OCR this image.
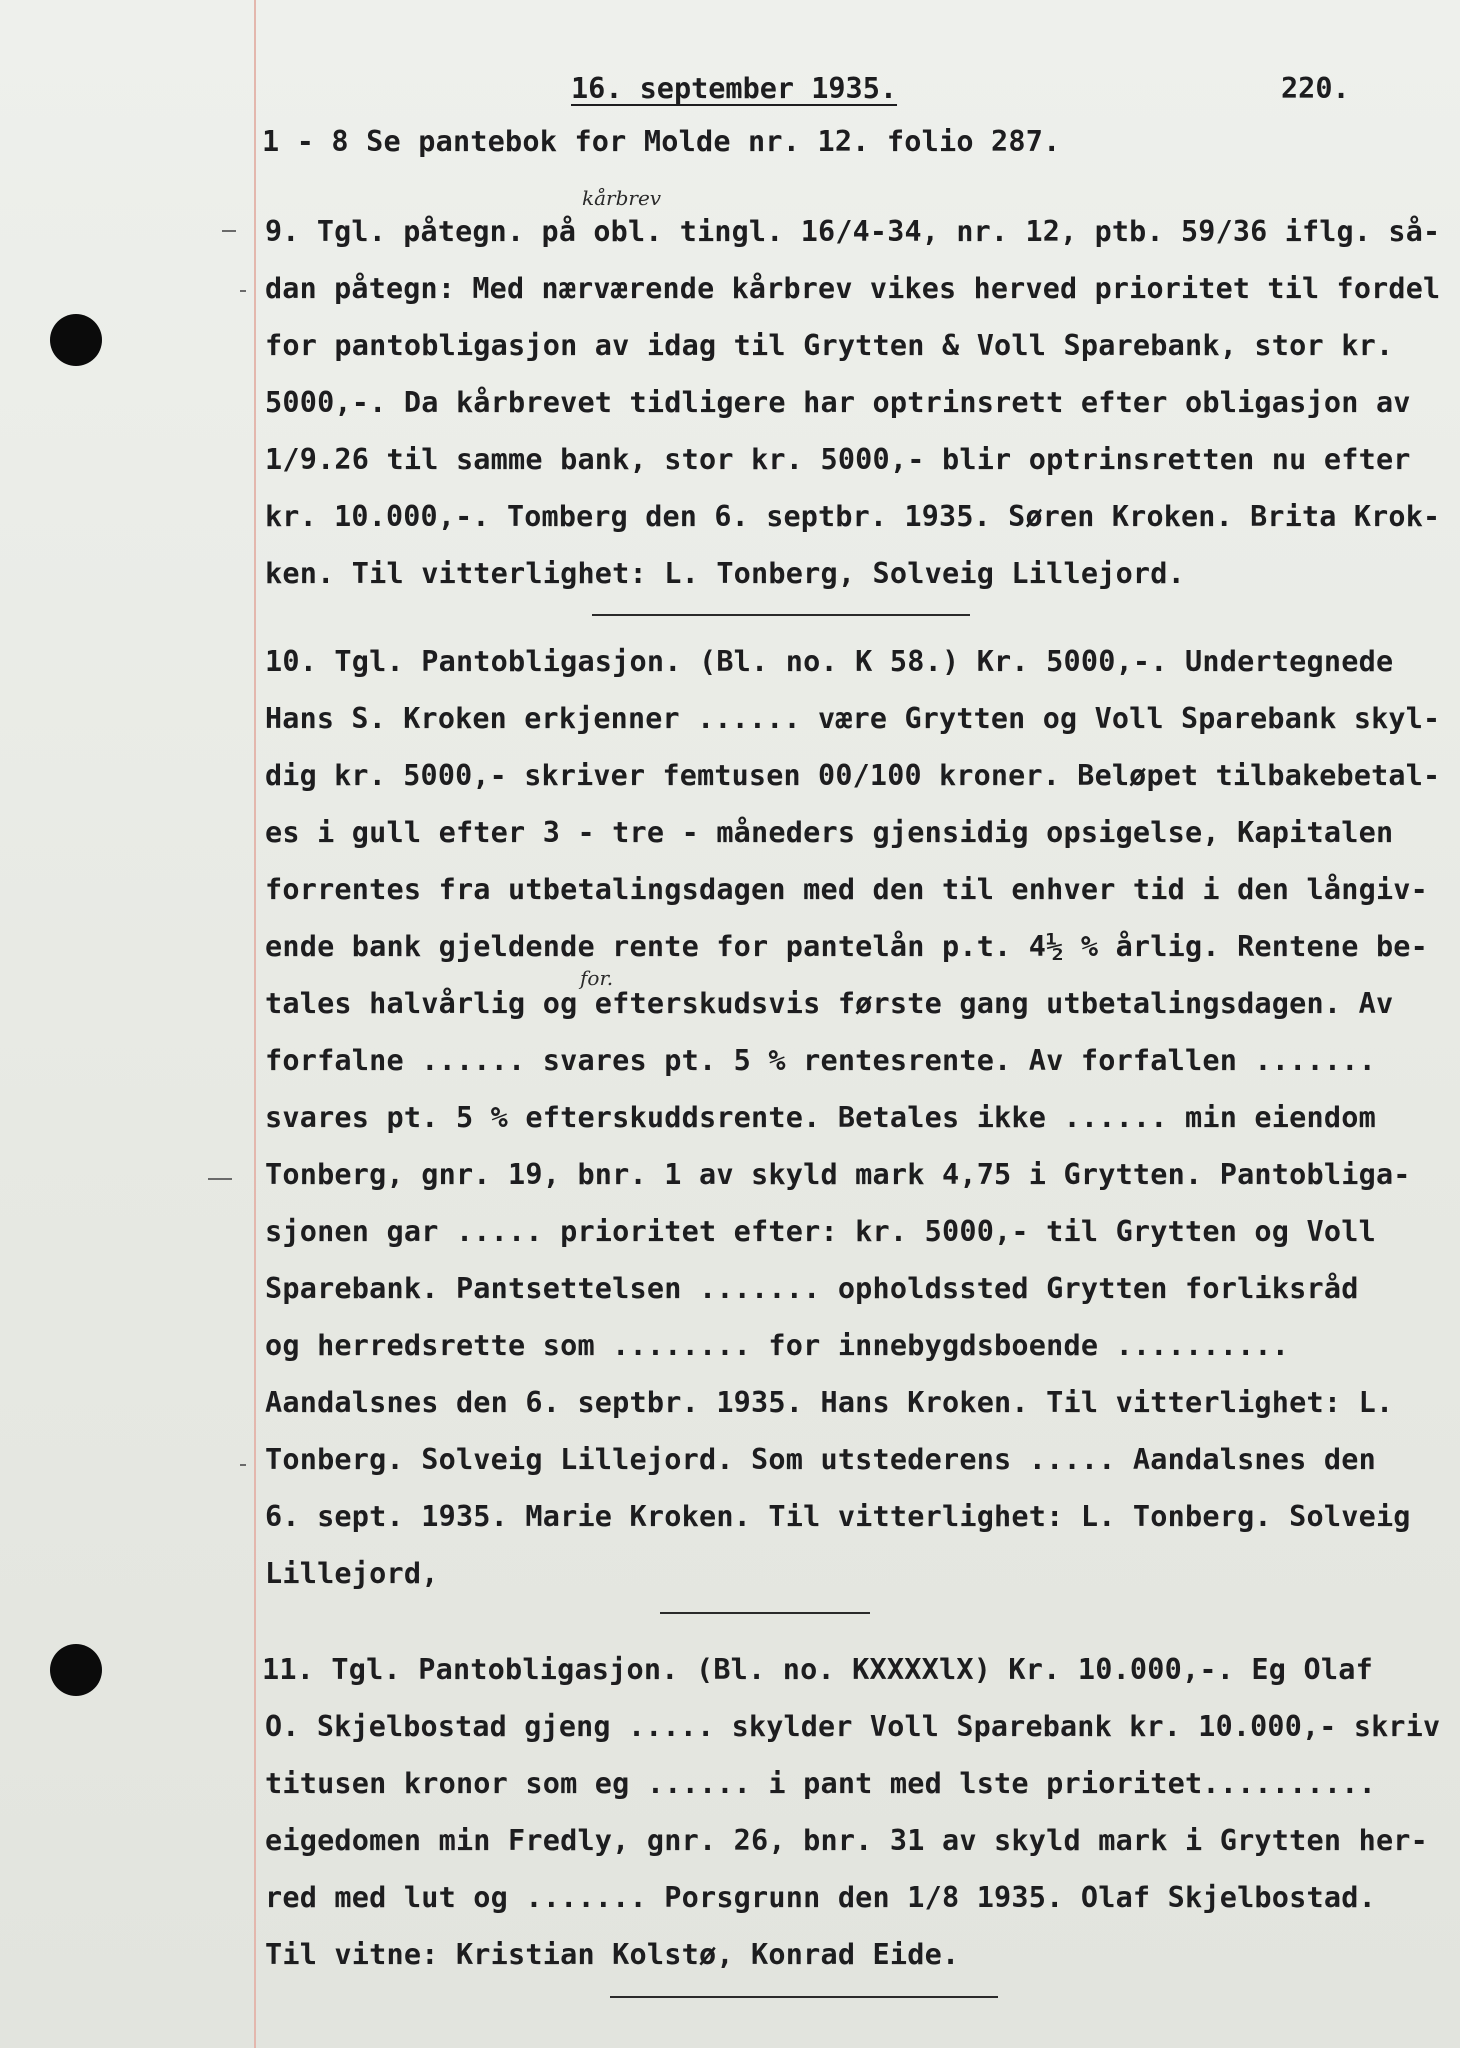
16. september 1935.	220.
1 - 8 Se pantebok for Molde nr. 12. folio 287.
kårbrev
9. Tgl. påtegn. på obl. tingl. 16/4-34, nr. 12, ptb. 59/36 iflg. så-
dan påtegn: Med nærværende kårbrev vikes herved prioritet til fordel
for pantobligasjon av idag til Grytten & Voll Sparebank, stor kr.
5000,-. Da kårbrevet tidligere har optrinsrett efter obligasjon av
1/9.26 til samme bank, stor kr. 5000,- blir optrinsretten nu efter
kr. 10.000,-. Tomberg den 6. septbr. 1935. Søren Kroken. Brita Krok-
ken. Til vitterlighet: L. Tonberg, Solveig Lillejord.
10. Tgl. Pantobligasjon. (Bl. no. K 58.) Kr. 5000,-. Undertegnede
Hans S. Kroken erkjenner ...... være Grytten og Voll Sparebank skyl-
dig kr. 5000,- skriver femtusen 00/100 kroner. Beløpet tilbakebetal-
es i gull efter 3 - tre - måneders gjensidig opsigelse, Kapitalen
forrentes fra utbetalingsdagen med den til enhver tid i den långiv-
ende bank gjeldende rente for pantelån p.t. 4½ % årlig. Rentene be-
for.
tales halvårlig og efterskudsvis første gang utbetalingsdagen. Av
forfalne ...... svares pt. 5 % rentesrente. Av forfallen .......
svares pt. 5 % efterskuddsrente. Betales ikke ...... min eiendom
Tonberg, gnr. 19, bnr. 1 av skyld mark 4,75 i Grytten. Pantobliga-
sjonen gar ..... prioritet efter: kr. 5000,- til Grytten og Voll
Sparebank. Pantsettelsen ....... opholdssted Grytten forliksråd
og herredsrette som ........ for innebygdsboende ..........
Aandalsnes den 6. septbr. 1935. Hans Kroken. Til vitterlighet: L.
Tonberg. Solveig Lillejord. Som utstederens ..... Aandalsnes den
6. sept. 1935. Marie Kroken. Til vitterlighet: L. Tonberg. Solveig
Lillejord,
11. Tgl. Pantobligasjon. (Bl. no. KXXXXlX) Kr. 10.000,-. Eg Olaf
O. Skjelbostad gjeng ..... skylder Voll Sparebank kr. 10.000,- skriv
titusen kronor som eg ...... i pant med lste prioritet..........
eigedomen min Fredly, gnr. 26, bnr. 31 av skyld mark i Grytten her-
red med lut og ....... Porsgrunn den 1/8 1935. Olaf Skjelbostad.
Til vitne: Kristian Kolstø, Konrad Eide.
